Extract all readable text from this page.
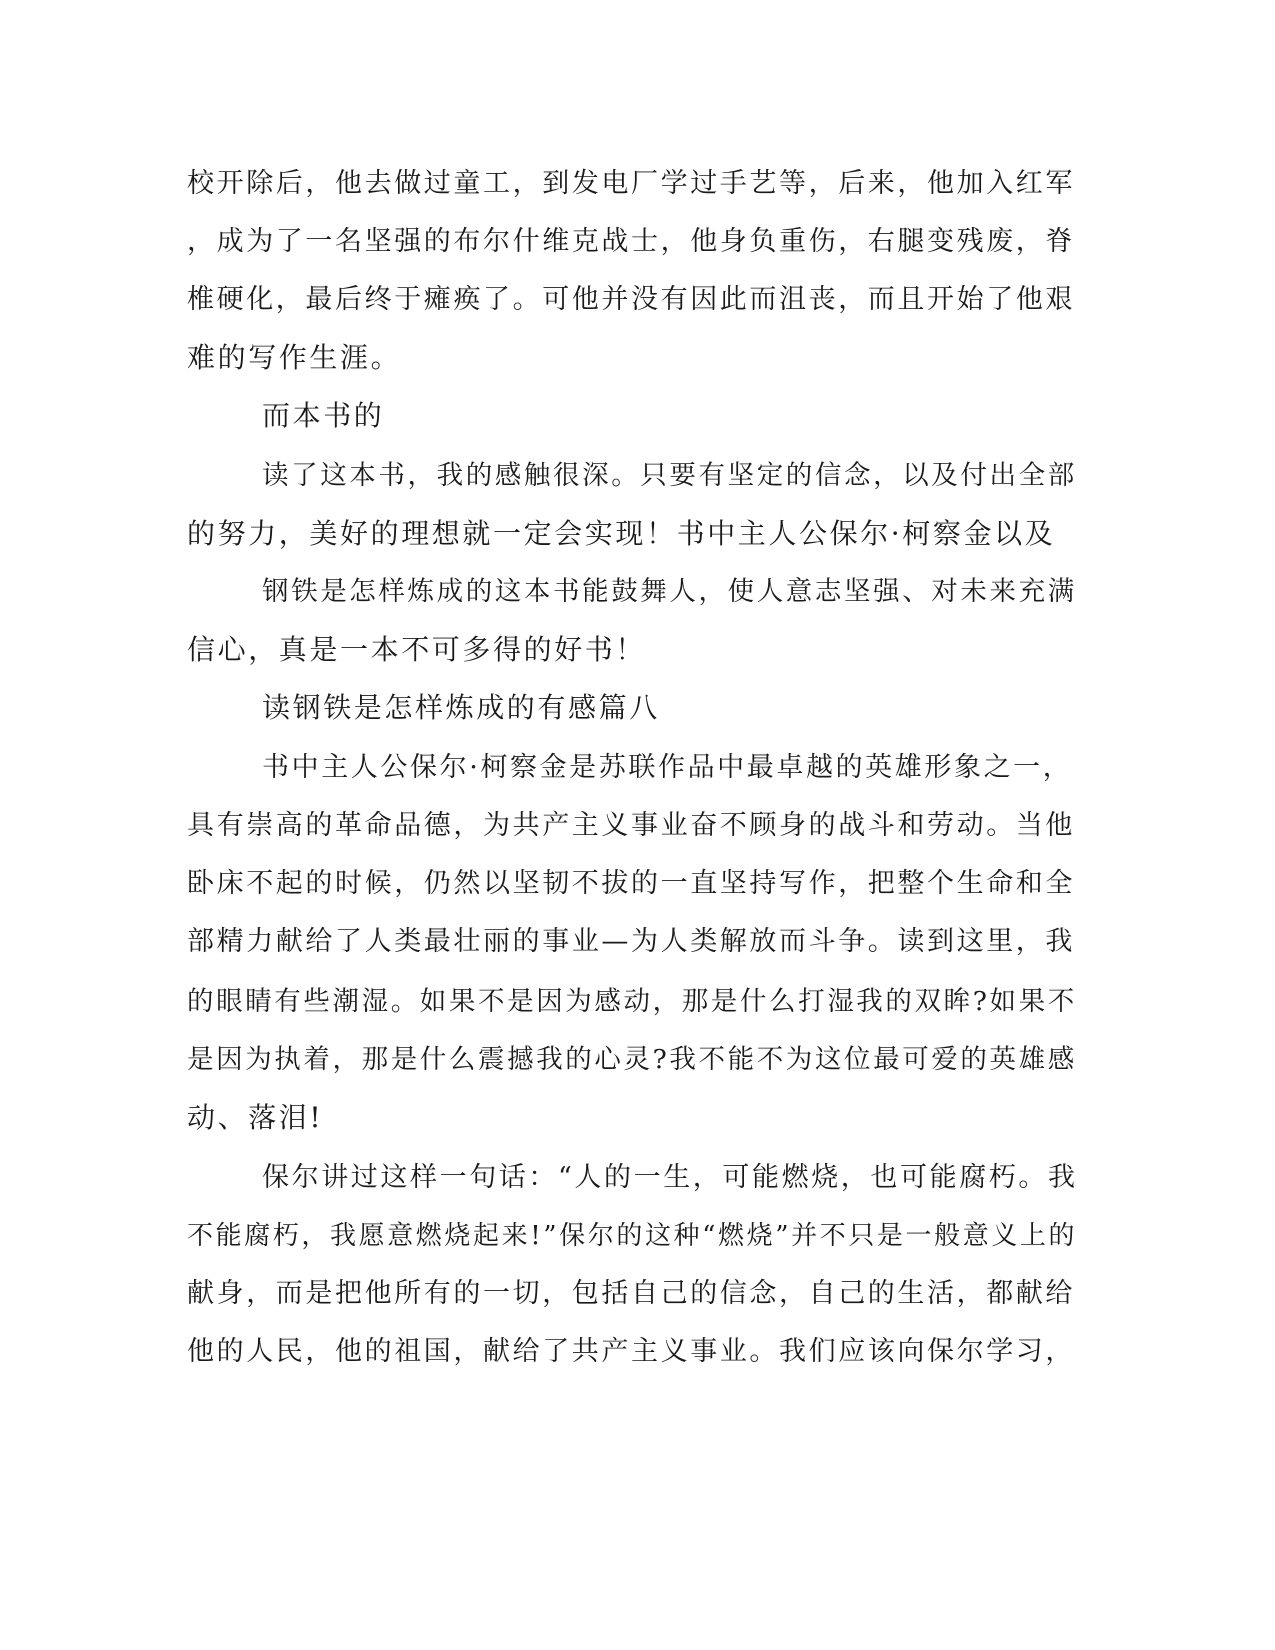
校开除后，他去做过童工，到发电厂学过手艺等，后来，他加入红军
，成为了一名坚强的布尔什维克战士，他身负重伤，右腿变残废，脊
椎硬化，最后终于瘫痪了。可他并没有因此而沮丧，而且开始了他艰
难的写作生涯。
而本书的
读了这本书，我的感触很深。只要有坚定的信念，以及付出全部
的努力，美好的理想就一定会实现！书中主人公保尔·柯察金以及
钢铁是怎样炼成的这本书能鼓舞人，使人意志坚强、对未来充满
信心，真是一本不可多得的好书！
读钢铁是怎样炼成的有感篇八
书中主人公保尔·柯察金是苏联作品中最卓越的英雄形象之一，
具有崇高的革命品德，为共产主义事业奋不顾身的战斗和劳动。当他
卧床不起的时候，仍然以坚韧不拔的一直坚持写作，把整个生命和全
部精力献给了人类最壮丽的事业—为人类解放而斗争。读到这里，我
的眼睛有些潮湿。如果不是因为感动，那是什么打湿我的双眸?如果不
是因为执着，那是什么震撼我的心灵?我不能不为这位最可爱的英雄感
动、落泪!
保尔讲过这样一句话：“人的一生，可能燃烧，也可能腐朽。我
不能腐朽，我愿意燃烧起来!”保尔的这种“燃烧”并不只是一般意义上的
献身，而是把他所有的一切，包括自己的信念，自己的生活，都献给
他的人民，他的祖国，献给了共产主义事业。我们应该向保尔学习，
